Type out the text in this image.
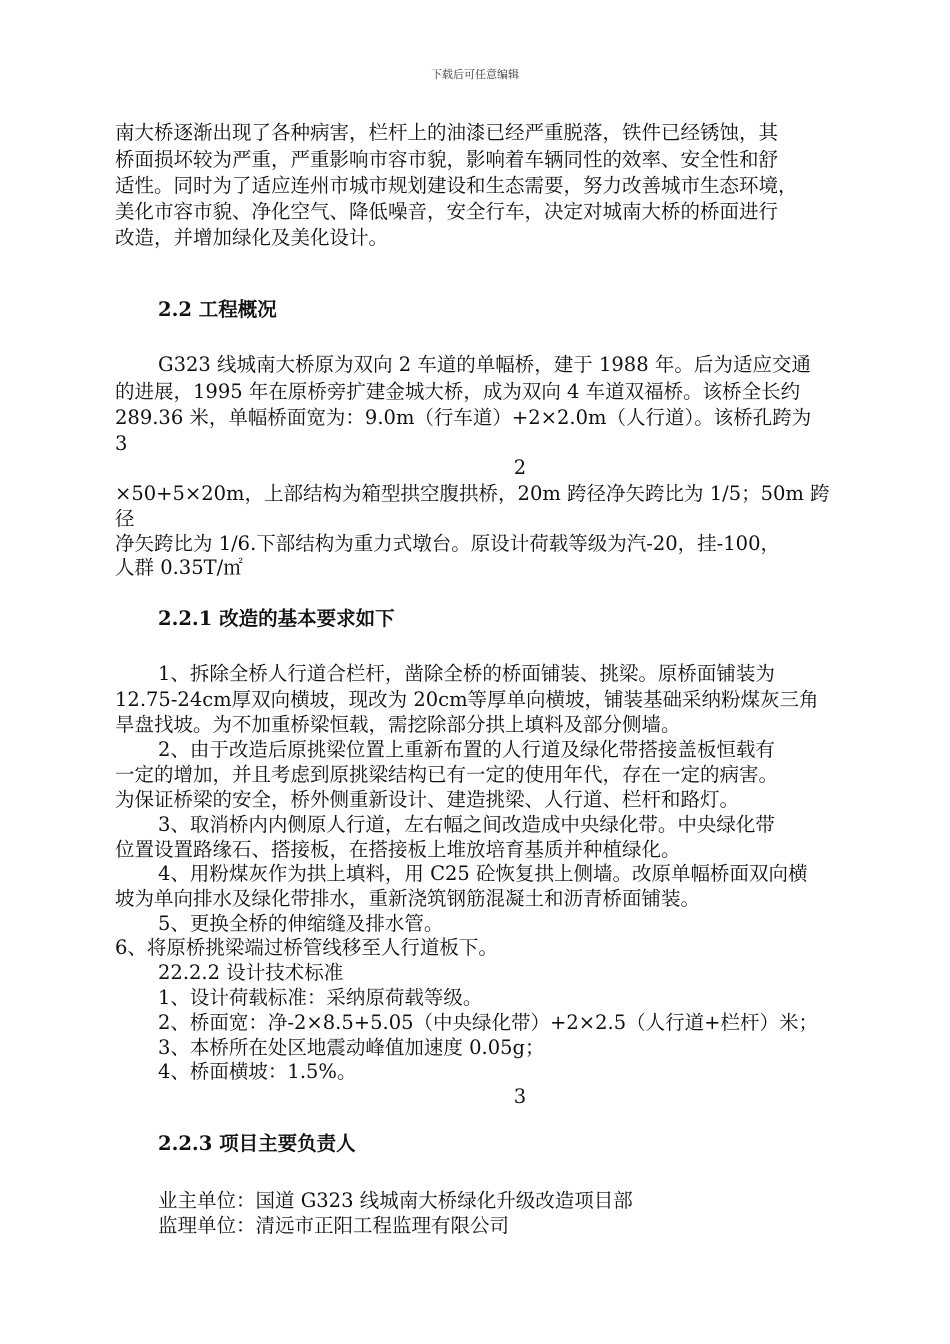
下载后可任意编辑
南大桥逐渐出现了各种病害，栏杆上的油漆已经严重脱落，铁件已经锈蚀，其
桥面损坏较为严重，严重影响市容市貌，影响着车辆同性的效率、安全性和舒
适性。同时为了适应连州市城市规划建设和生态需要，努力改善城市生态环境，
美化市容市貌、净化空气、降低噪音，安全行车，决定对城南大桥的桥面进行
改造，并增加绿化及美化设计。
2.2 工程概况
G323 线城南大桥原为双向 2 车道的单幅桥，建于 1988 年。后为适应交通
的进展，1995 年在原桥旁扩建金城大桥，成为双向 4 车道双福桥。该桥全长约
289.36 米，单幅桥面宽为：9.0m（行车道）+2×2.0m（人行道）。该桥孔跨为
3
2
×50+5×20m，上部结构为箱型拱空腹拱桥，20m 跨径净矢跨比为 1/5；50m 跨
径
净矢跨比为 1/6.下部结构为重力式墩台。原设计荷载等级为汽-20，挂-100，
人群 0.35T/㎡
2.2.1 改造的基本要求如下
1、拆除全桥人行道合栏杆，凿除全桥的桥面铺装、挑梁。原桥面铺装为
12.75-24cm厚双向横坡，现改为 20cm等厚单向横坡，铺装基础采纳粉煤灰三角
旱盘找坡。为不加重桥梁恒载，需挖除部分拱上填料及部分侧墙。
2、由于改造后原挑梁位置上重新布置的人行道及绿化带搭接盖板恒载有
一定的增加，并且考虑到原挑梁结构已有一定的使用年代，存在一定的病害。
为保证桥梁的安全，桥外侧重新设计、建造挑梁、人行道、栏杆和路灯。
3、取消桥内内侧原人行道，左右幅之间改造成中央绿化带。中央绿化带
位置设置路缘石、搭接板，在搭接板上堆放培育基质并种植绿化。
4、用粉煤灰作为拱上填料，用 C25 砼恢复拱上侧墙。改原单幅桥面双向横
坡为单向排水及绿化带排水，重新浇筑钢筋混凝土和沥青桥面铺装。
5、更换全桥的伸缩缝及排水管。
6、将原桥挑梁端过桥管线移至人行道板下。
22.2.2 设计技术标准
1、设计荷载标准：采纳原荷载等级。
2、桥面宽：净-2×8.5+5.05（中央绿化带）+2×2.5（人行道+栏杆）米；
3、本桥所在处区地震动峰值加速度 0.05g；
4、桥面横坡：1.5%。
3
2.2.3 项目主要负责人
业主单位：国道 G323 线城南大桥绿化升级改造项目部
监理单位：清远市正阳工程监理有限公司
